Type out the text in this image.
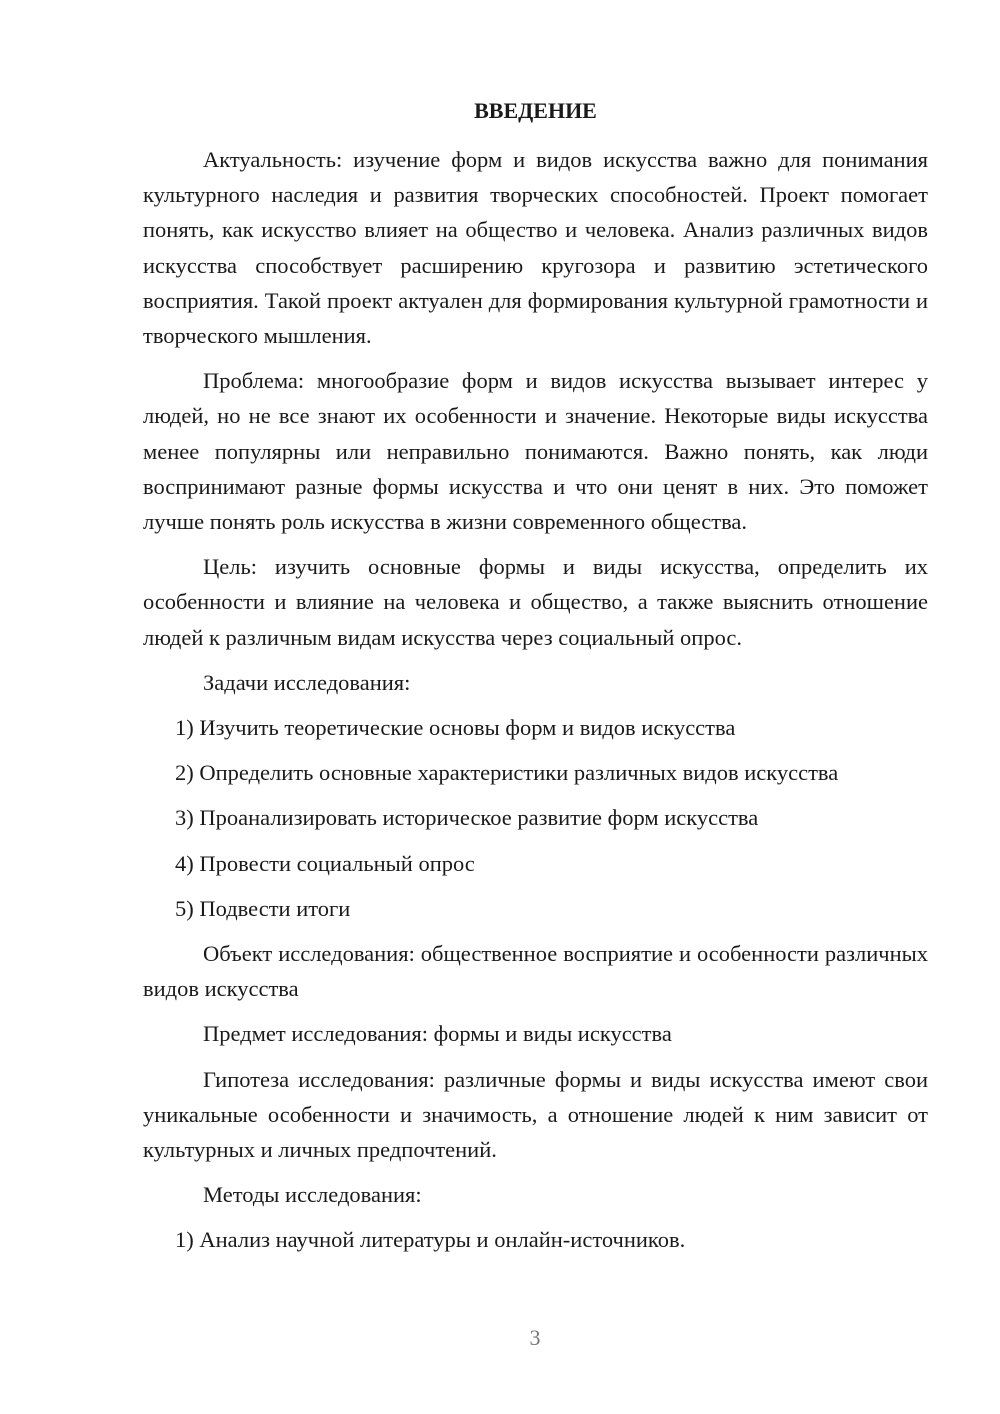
ВВЕДЕНИЕ

Актуальность: изучение форм и видов искусства важно для понимания культурного наследия и развития творческих способностей. Проект помогает понять, как искусство влияет на общество и человека. Анализ различных видов искусства способствует расширению кругозора и развитию эстетического восприятия. Такой проект актуален для формирования культурной грамотности и творческого мышления.

Проблема: многообразие форм и видов искусства вызывает интерес у людей, но не все знают их особенности и значение. Некоторые виды искусства менее популярны или неправильно понимаются. Важно понять, как люди воспринимают разные формы искусства и что они ценят в них. Это поможет лучше понять роль искусства в жизни современного общества.

Цель: изучить основные формы и виды искусства, определить их особенности и влияние на человека и общество, а также выяснить отношение людей к различным видам искусства через социальный опрос.

Задачи исследования:

1) Изучить теоретические основы форм и видов искусства

2) Определить основные характеристики различных видов искусства

3) Проанализировать историческое развитие форм искусства

4) Провести социальный опрос

5) Подвести итоги

Объект исследования: общественное восприятие и особенности различных видов искусства

Предмет исследования: формы и виды искусства

Гипотеза исследования: различные формы и виды искусства имеют свои уникальные особенности и значимость, а отношение людей к ним зависит от культурных и личных предпочтений.

Методы исследования:

1) Анализ научной литературы и онлайн-источников.

3
